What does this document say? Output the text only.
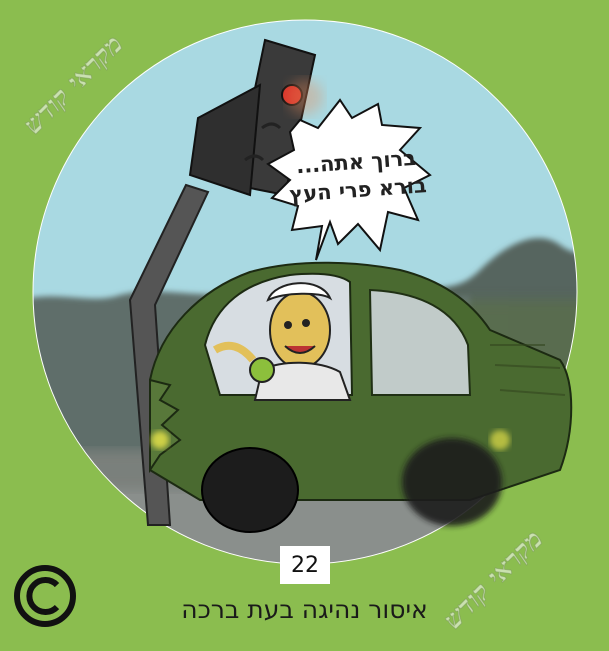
מקראי קודש
מקראי קודש
ברוך אתה...
בורא פרי העץ
22
איסור נהיגה בעת ברכה
